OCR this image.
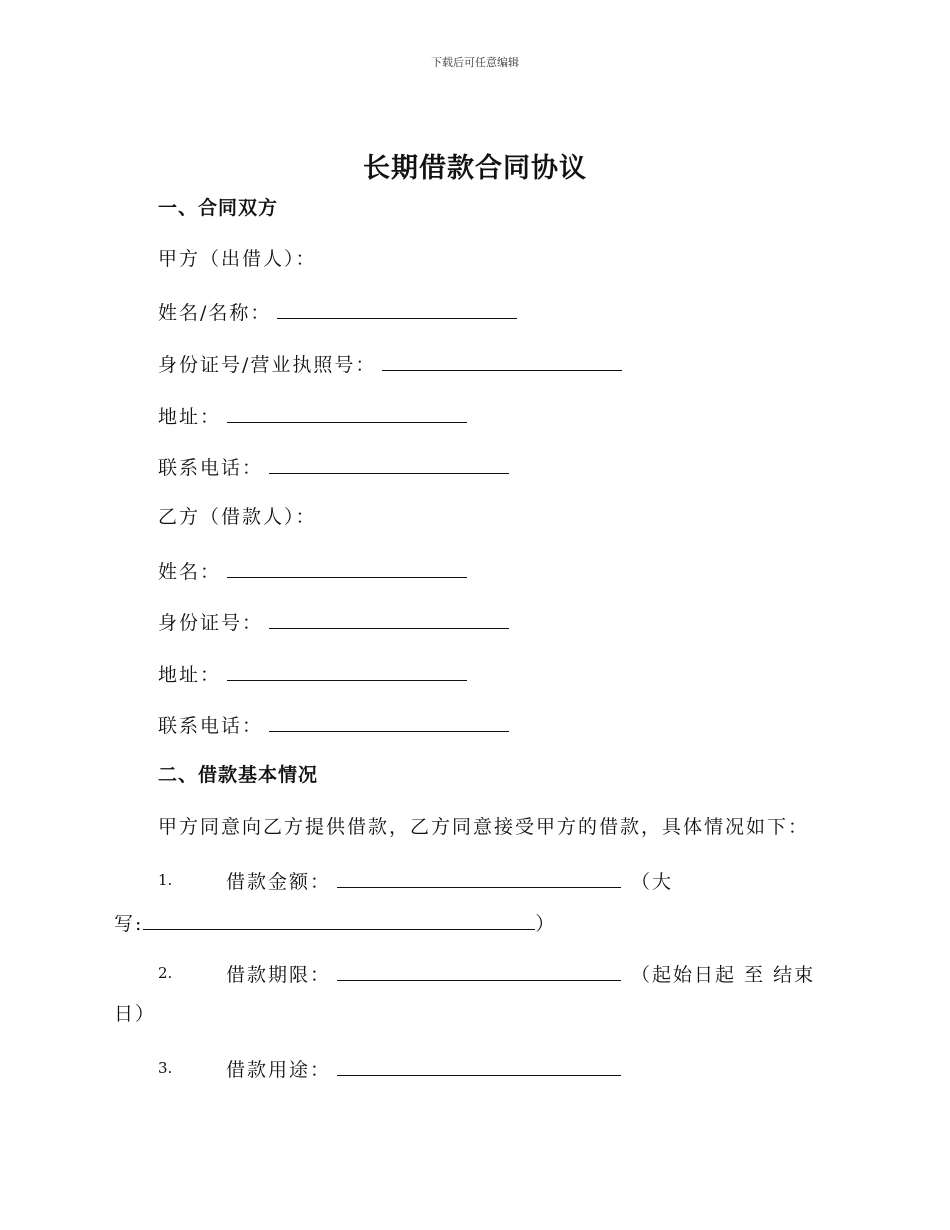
下载后可任意编辑
长期借款合同协议
一、合同双方
甲方（出借人）：
姓名/名称：
身份证号/营业执照号：
地址：
联系电话：
乙方（借款人）：
姓名：
身份证号：
地址：
联系电话：
二、借款基本情况
甲方同意向乙方提供借款，乙方同意接受甲方的借款，具体情况如下：
1.	借款金额：	（大
写:	）
2.	借款期限：	（起始日起 至 结束
日）
3.	借款用途：
